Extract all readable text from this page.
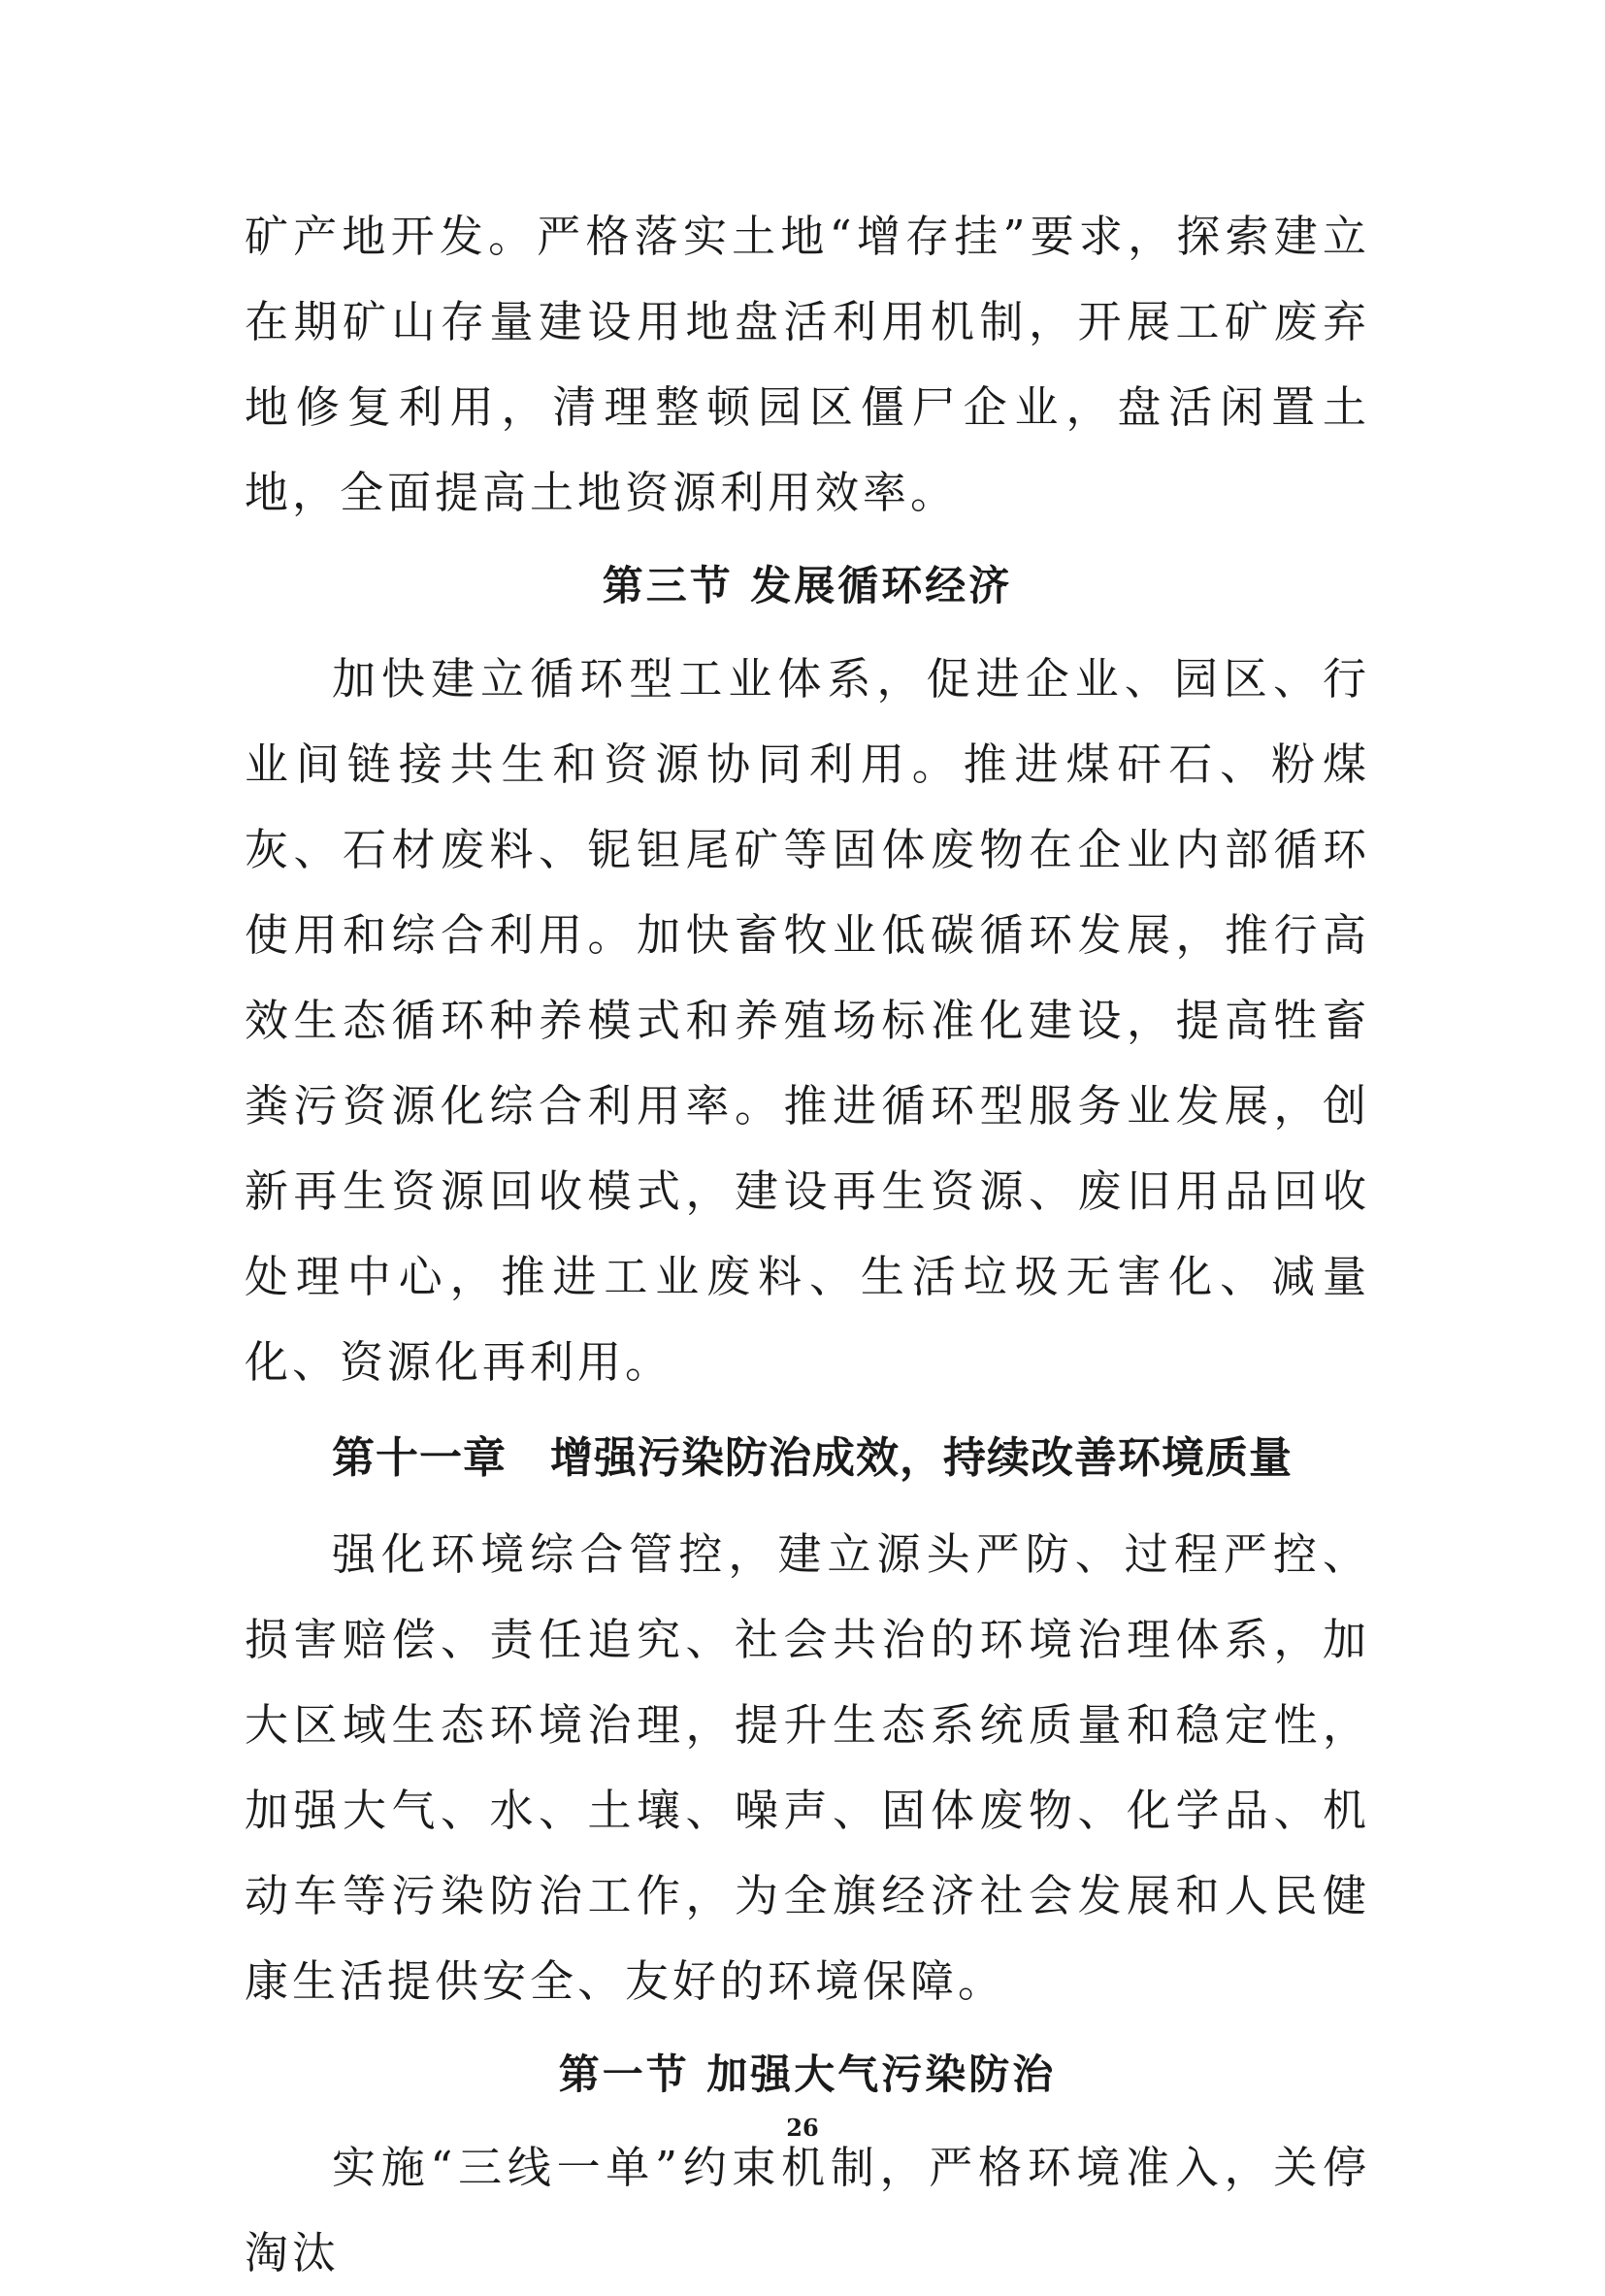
矿产地开发。严格落实土地“增存挂”要求，探索建立在期矿山存量建设用地盘活利用机制，开展工矿废弃地修复利用，清理整顿园区僵尸企业，盘活闲置土地，全面提高土地资源利用效率。

第三节 发展循环经济

加快建立循环型工业体系，促进企业、园区、行业间链接共生和资源协同利用。推进煤矸石、粉煤灰、石材废料、铌钽尾矿等固体废物在企业内部循环使用和综合利用。加快畜牧业低碳循环发展，推行高效生态循环种养模式和养殖场标准化建设，提高牲畜粪污资源化综合利用率。推进循环型服务业发展，创新再生资源回收模式，建设再生资源、废旧用品回收处理中心，推进工业废料、生活垃圾无害化、减量化、资源化再利用。

第十一章　增强污染防治成效，持续改善环境质量

强化环境综合管控，建立源头严防、过程严控、损害赔偿、责任追究、社会共治的环境治理体系，加大区域生态环境治理，提升生态系统质量和稳定性，加强大气、水、土壤、噪声、固体废物、化学品、机动车等污染防治工作，为全旗经济社会发展和人民健康生活提供安全、友好的环境保障。

第一节 加强大气污染防治

实施“三线一单”约束机制，严格环境准入，关停淘汰

26
